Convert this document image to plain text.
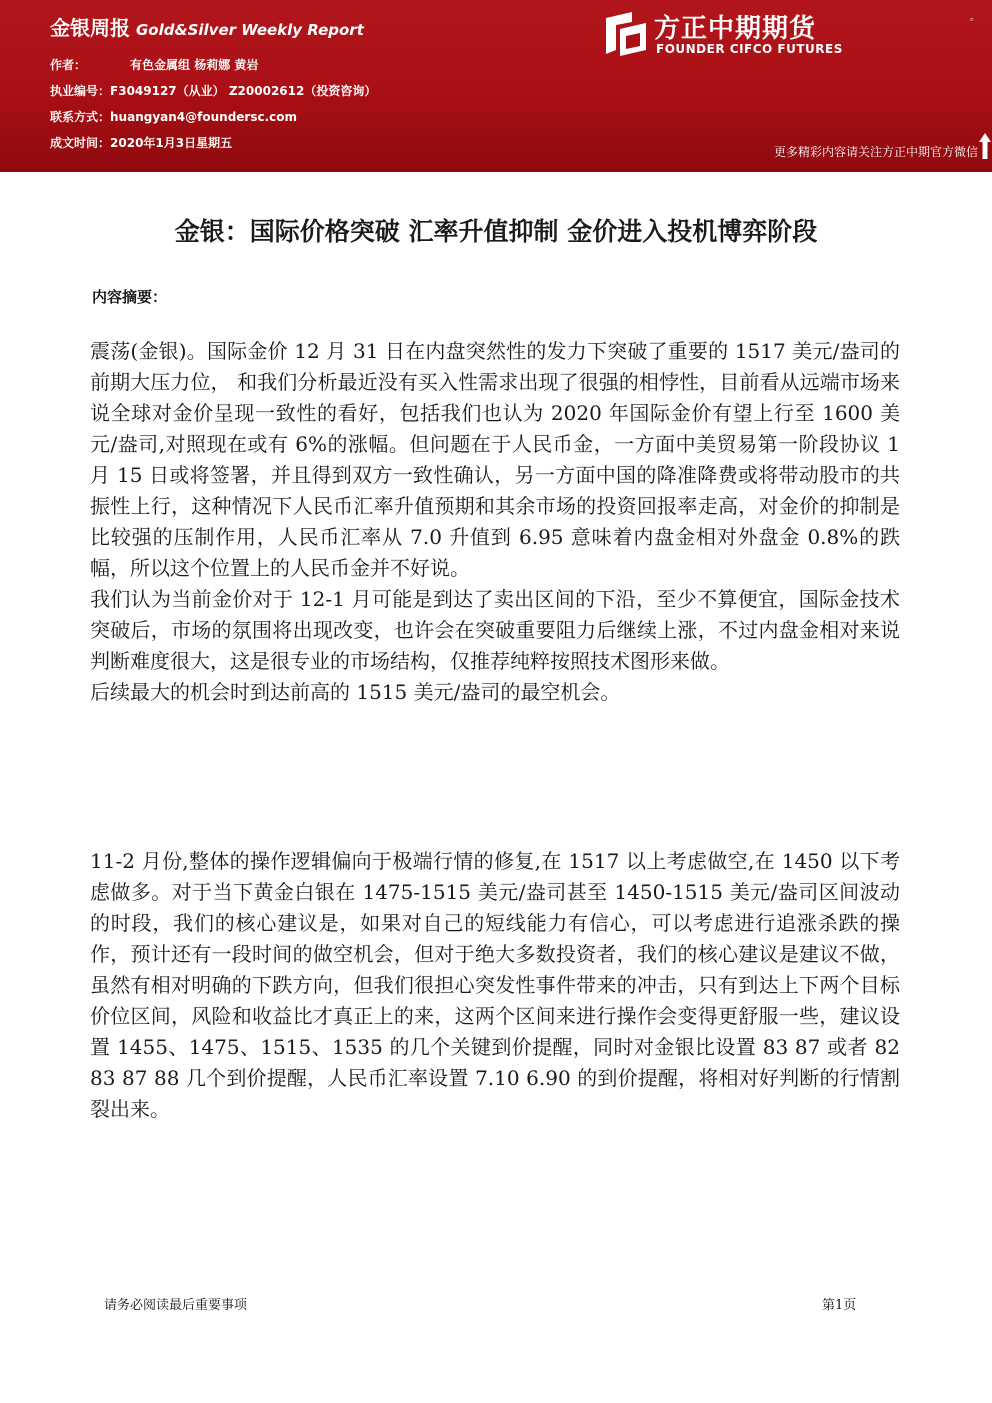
金银周报 Gold&Silver Weekly Report
作者：	有色金属组 杨莉娜 黄岩
执业编号：F3049127（从业） Z20002612（投资咨询）
联系方式：huangyan4@foundersc.com
成文时间：2020年1月3日星期五
方正中期期货
FOUNDER CIFCO FUTURES
。
更多精彩内容请关注方正中期官方微信
金银：国际价格突破 汇率升值抑制 金价进入投机博弈阶段
内容摘要：

震荡(金银)。国际金价 12 月 31 日在内盘突然性的发力下突破了重要的 1517 美元/盎司的前期大压力位， 和我们分析最近没有买入性需求出现了很强的相悖性，目前看从远端市场来说全球对金价呈现一致性的看好，包括我们也认为 2020 年国际金价有望上行至 1600 美元/盎司,对照现在或有 6%的涨幅。但问题在于人民币金，一方面中美贸易第一阶段协议 1 月 15 日或将签署，并且得到双方一致性确认，另一方面中国的降准降费或将带动股市的共振性上行，这种情况下人民币汇率升值预期和其余市场的投资回报率走高，对金价的抑制是比较强的压制作用，人民币汇率从 7.0 升值到 6.95 意味着内盘金相对外盘金 0.8%的跌幅，所以这个位置上的人民币金并不好说。

我们认为当前金价对于 12-1 月可能是到达了卖出区间的下沿，至少不算便宜，国际金技术突破后，市场的氛围将出现改变，也许会在突破重要阻力后继续上涨，不过内盘金相对来说判断难度很大，这是很专业的市场结构，仅推荐纯粹按照技术图形来做。

后续最大的机会时到达前高的 1515 美元/盎司的最空机会。

11-2 月份,整体的操作逻辑偏向于极端行情的修复,在 1517 以上考虑做空,在 1450 以下考虑做多。对于当下黄金白银在 1475-1515 美元/盎司甚至 1450-1515 美元/盎司区间波动的时段，我们的核心建议是，如果对自己的短线能力有信心，可以考虑进行追涨杀跌的操作，预计还有一段时间的做空机会，但对于绝大多数投资者，我们的核心建议是建议不做，虽然有相对明确的下跌方向，但我们很担心突发性事件带来的冲击，只有到达上下两个目标价位区间，风险和收益比才真正上的来，这两个区间来进行操作会变得更舒服一些，建议设置 1455、1475、1515、1535 的几个关键到价提醒，同时对金银比设置 83 87 或者 82 83 87 88 几个到价提醒，人民币汇率设置 7.10 6.90 的到价提醒，将相对好判断的行情割裂出来。

请务必阅读最后重要事项	第1页
